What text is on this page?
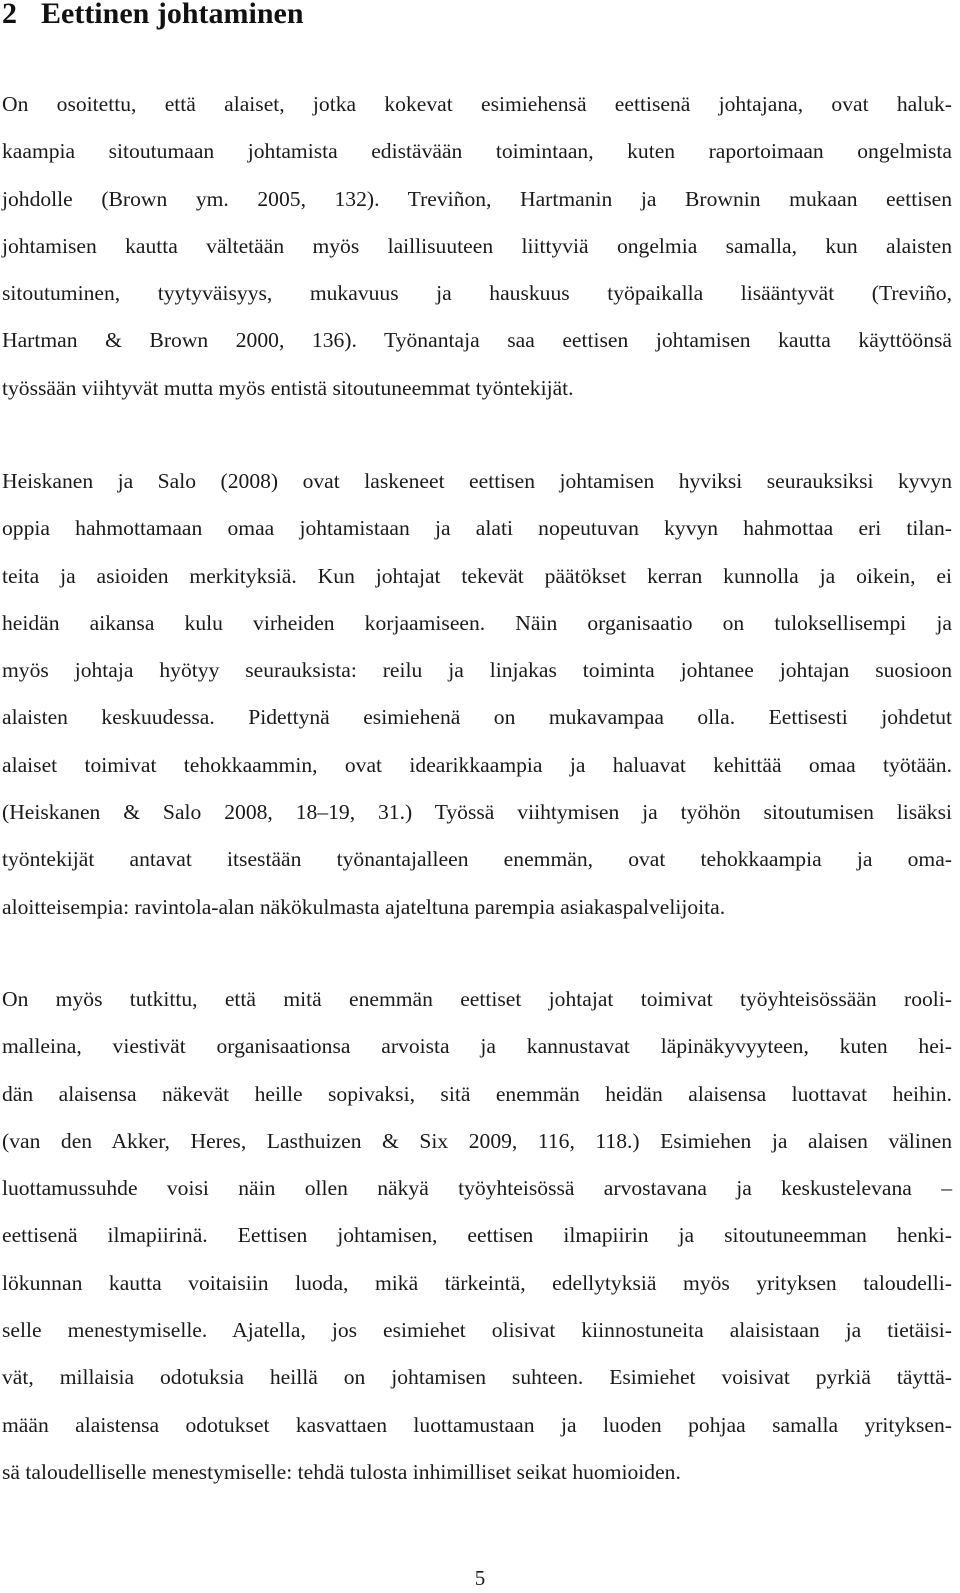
2 Eettinen johtaminen
On osoitettu, että alaiset, jotka kokevat esimiehensä eettisenä johtajana, ovat haluk-
kaampia sitoutumaan johtamista edistävään toimintaan, kuten raportoimaan ongelmista
johdolle (Brown ym. 2005, 132). Treviñon, Hartmanin ja Brownin mukaan eettisen
johtamisen kautta vältetään myös laillisuuteen liittyviä ongelmia samalla, kun alaisten
sitoutuminen, tyytyväisyys, mukavuus ja hauskuus työpaikalla lisääntyvät (Treviño,
Hartman & Brown 2000, 136). Työnantaja saa eettisen johtamisen kautta käyttöönsä
työssään viihtyvät mutta myös entistä sitoutuneemmat työntekijät.
Heiskanen ja Salo (2008) ovat laskeneet eettisen johtamisen hyviksi seurauksiksi kyvyn
oppia hahmottamaan omaa johtamistaan ja alati nopeutuvan kyvyn hahmottaa eri tilan-
teita ja asioiden merkityksiä. Kun johtajat tekevät päätökset kerran kunnolla ja oikein, ei
heidän aikansa kulu virheiden korjaamiseen. Näin organisaatio on tuloksellisempi ja
myös johtaja hyötyy seurauksista: reilu ja linjakas toiminta johtanee johtajan suosioon
alaisten keskuudessa. Pidettynä esimiehenä on mukavampaa olla. Eettisesti johdetut
alaiset toimivat tehokkaammin, ovat idearikkaampia ja haluavat kehittää omaa työtään.
(Heiskanen & Salo 2008, 18–19, 31.) Työssä viihtymisen ja työhön sitoutumisen lisäksi
työntekijät antavat itsestään työnantajalleen enemmän, ovat tehokkaampia ja oma-
aloitteisempia: ravintola-alan näkökulmasta ajateltuna parempia asiakaspalvelijoita.
On myös tutkittu, että mitä enemmän eettiset johtajat toimivat työyhteisössään rooli-
malleina, viestivät organisaationsa arvoista ja kannustavat läpinäkyvyyteen, kuten hei-
dän alaisensa näkevät heille sopivaksi, sitä enemmän heidän alaisensa luottavat heihin.
(van den Akker, Heres, Lasthuizen & Six 2009, 116, 118.) Esimiehen ja alaisen välinen
luottamussuhde voisi näin ollen näkyä työyhteisössä arvostavana ja keskustelevana –
eettisenä ilmapiirinä. Eettisen johtamisen, eettisen ilmapiirin ja sitoutuneemman henki-
lökunnan kautta voitaisiin luoda, mikä tärkeintä, edellytyksiä myös yrityksen taloudelli-
selle menestymiselle. Ajatella, jos esimiehet olisivat kiinnostuneita alaisistaan ja tietäisi-
vät, millaisia odotuksia heillä on johtamisen suhteen. Esimiehet voisivat pyrkiä täyttä-
mään alaistensa odotukset kasvattaen luottamustaan ja luoden pohjaa samalla yrityksen-
sä taloudelliselle menestymiselle: tehdä tulosta inhimilliset seikat huomioiden.
5
